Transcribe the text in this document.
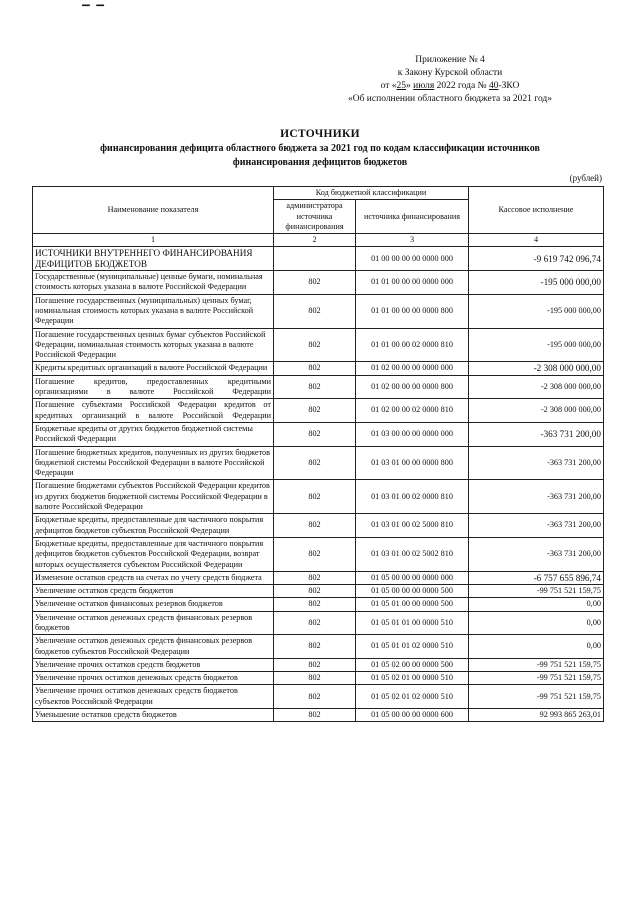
▔ ▔
Приложение № 4
к Закону Курской области
от «25» июля 2022 года № 40-ЗКО
«Об исполнении областного бюджета за 2021 год»
ИСТОЧНИКИ
финансирования дефицита областного бюджета за 2021 год по кодам классификации источников
финансирования дефицитов бюджетов
(рублей)
Наименование показателя	Код бюджетной классификации		Кассовое исполнение
	администратора источника финансирования	источника финансирования	
1	2	3	4
ИСТОЧНИКИ ВНУТРЕННЕГО ФИНАНСИРОВАНИЯ ДЕФИЦИТОВ БЮДЖЕТОВ		01 00 00 00 00 0000 000	-9 619 742 096,74
Государственные (муниципальные) ценные бумаги, номинальная стоимость которых указана в валюте Российской Федерации	802	01 01 00 00 00 0000 000	-195 000 000,00
Погашение государственных (муниципальных) ценных бумаг, номинальная стоимость которых указана в валюте Российской Федерации	802	01 01 00 00 00 0000 800	-195 000 000,00
Погашение государственных ценных бумаг субъектов Российской Федерации, номинальная стоимость которых указана в валюте Российской Федерации	802	01 01 00 00 02 0000 810	-195 000 000,00
Кредиты кредитных организаций в валюте Российской Федерации	802	01 02 00 00 00 0000 000	-2 308 000 000,00
Погашение кредитов, предоставленных кредитными организациями в валюте Российской Федерации	802	01 02 00 00 00 0000 800	-2 308 000 000,00
Погашение субъектами Российской Федерации кредитов от кредитных организаций в валюте Российской Федерации	802	01 02 00 00 02 0000 810	-2 308 000 000,00
Бюджетные кредиты от других бюджетов бюджетной системы Российской Федерации	802	01 03 00 00 00 0000 000	-363 731 200,00
Погашение бюджетных кредитов, полученных из других бюджетов бюджетной системы Российской Федерации в валюте Российской Федерации	802	01 03 01 00 00 0000 800	-363 731 200,00
Погашение бюджетами субъектов Российской Федерации кредитов из других бюджетов бюджетной системы Российской Федерации в валюте Российской Федерации	802	01 03 01 00 02 0000 810	-363 731 200,00
Бюджетные кредиты, предоставленные для частичного покрытия дефицитов бюджетов субъектов Российской Федерации	802	01 03 01 00 02 5000 810	-363 731 200,00
Бюджетные кредиты, предоставленные для частичного покрытия дефицитов бюджетов субъектов Российской Федерации, возврат которых осуществляется субъектом Российской Федерации	802	01 03 01 00 02 5002 810	-363 731 200,00
Изменение остатков средств на счетах по учету средств бюджета	802	01 05 00 00 00 0000 000	-6 757 655 896,74
Увеличение остатков средств бюджетов	802	01 05 00 00 00 0000 500	-99 751 521 159,75
Увеличение остатков финансовых резервов бюджетов	802	01 05 01 00 00 0000 500	0,00
Увеличение остатков денежных средств финансовых резервов бюджетов	802	01 05 01 01 00 0000 510	0,00
Увеличение остатков денежных средств финансовых резервов бюджетов субъектов Российской Федерации	802	01 05 01 01 02 0000 510	0,00
Увеличение прочих остатков средств бюджетов	802	01 05 02 00 00 0000 500	-99 751 521 159,75
Увеличение прочих остатков денежных средств бюджетов	802	01 05 02 01 00 0000 510	-99 751 521 159,75
Увеличение прочих остатков денежных средств бюджетов субъектов Российской Федерации	802	01 05 02 01 02 0000 510	-99 751 521 159,75
Уменьшение остатков средств бюджетов	802	01 05 00 00 00 0000 600	92 993 865 263,01
